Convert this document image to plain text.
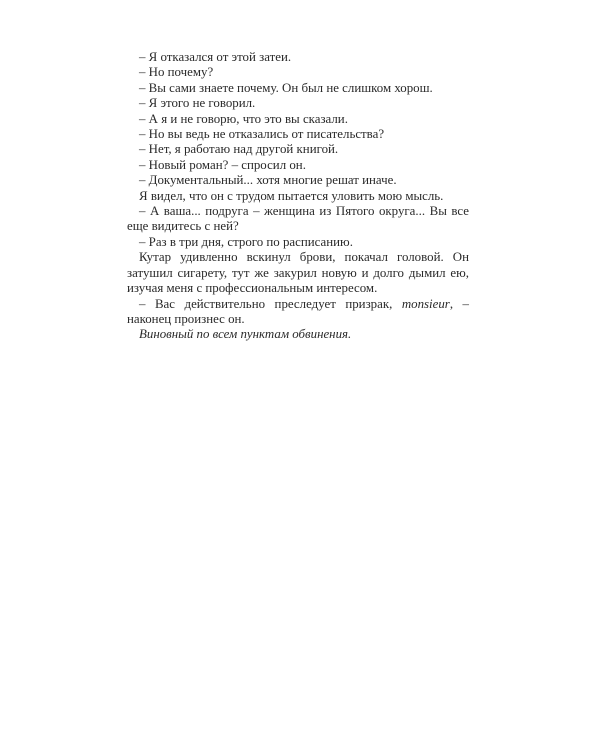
– Я отказался от этой затеи.

– Но почему?

– Вы сами знаете почему. Он был не слишком хорош.

– Я этого не говорил.

– А я и не говорю, что это вы сказали.

– Но вы ведь не отказались от писательства?

– Нет, я работаю над другой книгой.

– Новый роман? – спросил он.

– Документальный... хотя многие решат иначе.

Я видел, что он с трудом пытается уловить мою мысль.

– А ваша... подруга – женщина из Пятого округа... Вы все еще видитесь с ней?

– Раз в три дня, строго по расписанию.

Кутар удивленно вскинул брови, покачал головой. Он затушил сигарету, тут же закурил новую и долго дымил ею, изучая меня с профессиональным интересом.

– Вас действительно преследует призрак, monsieur, – наконец произнес он.

Виновный по всем пунктам обвинения.
